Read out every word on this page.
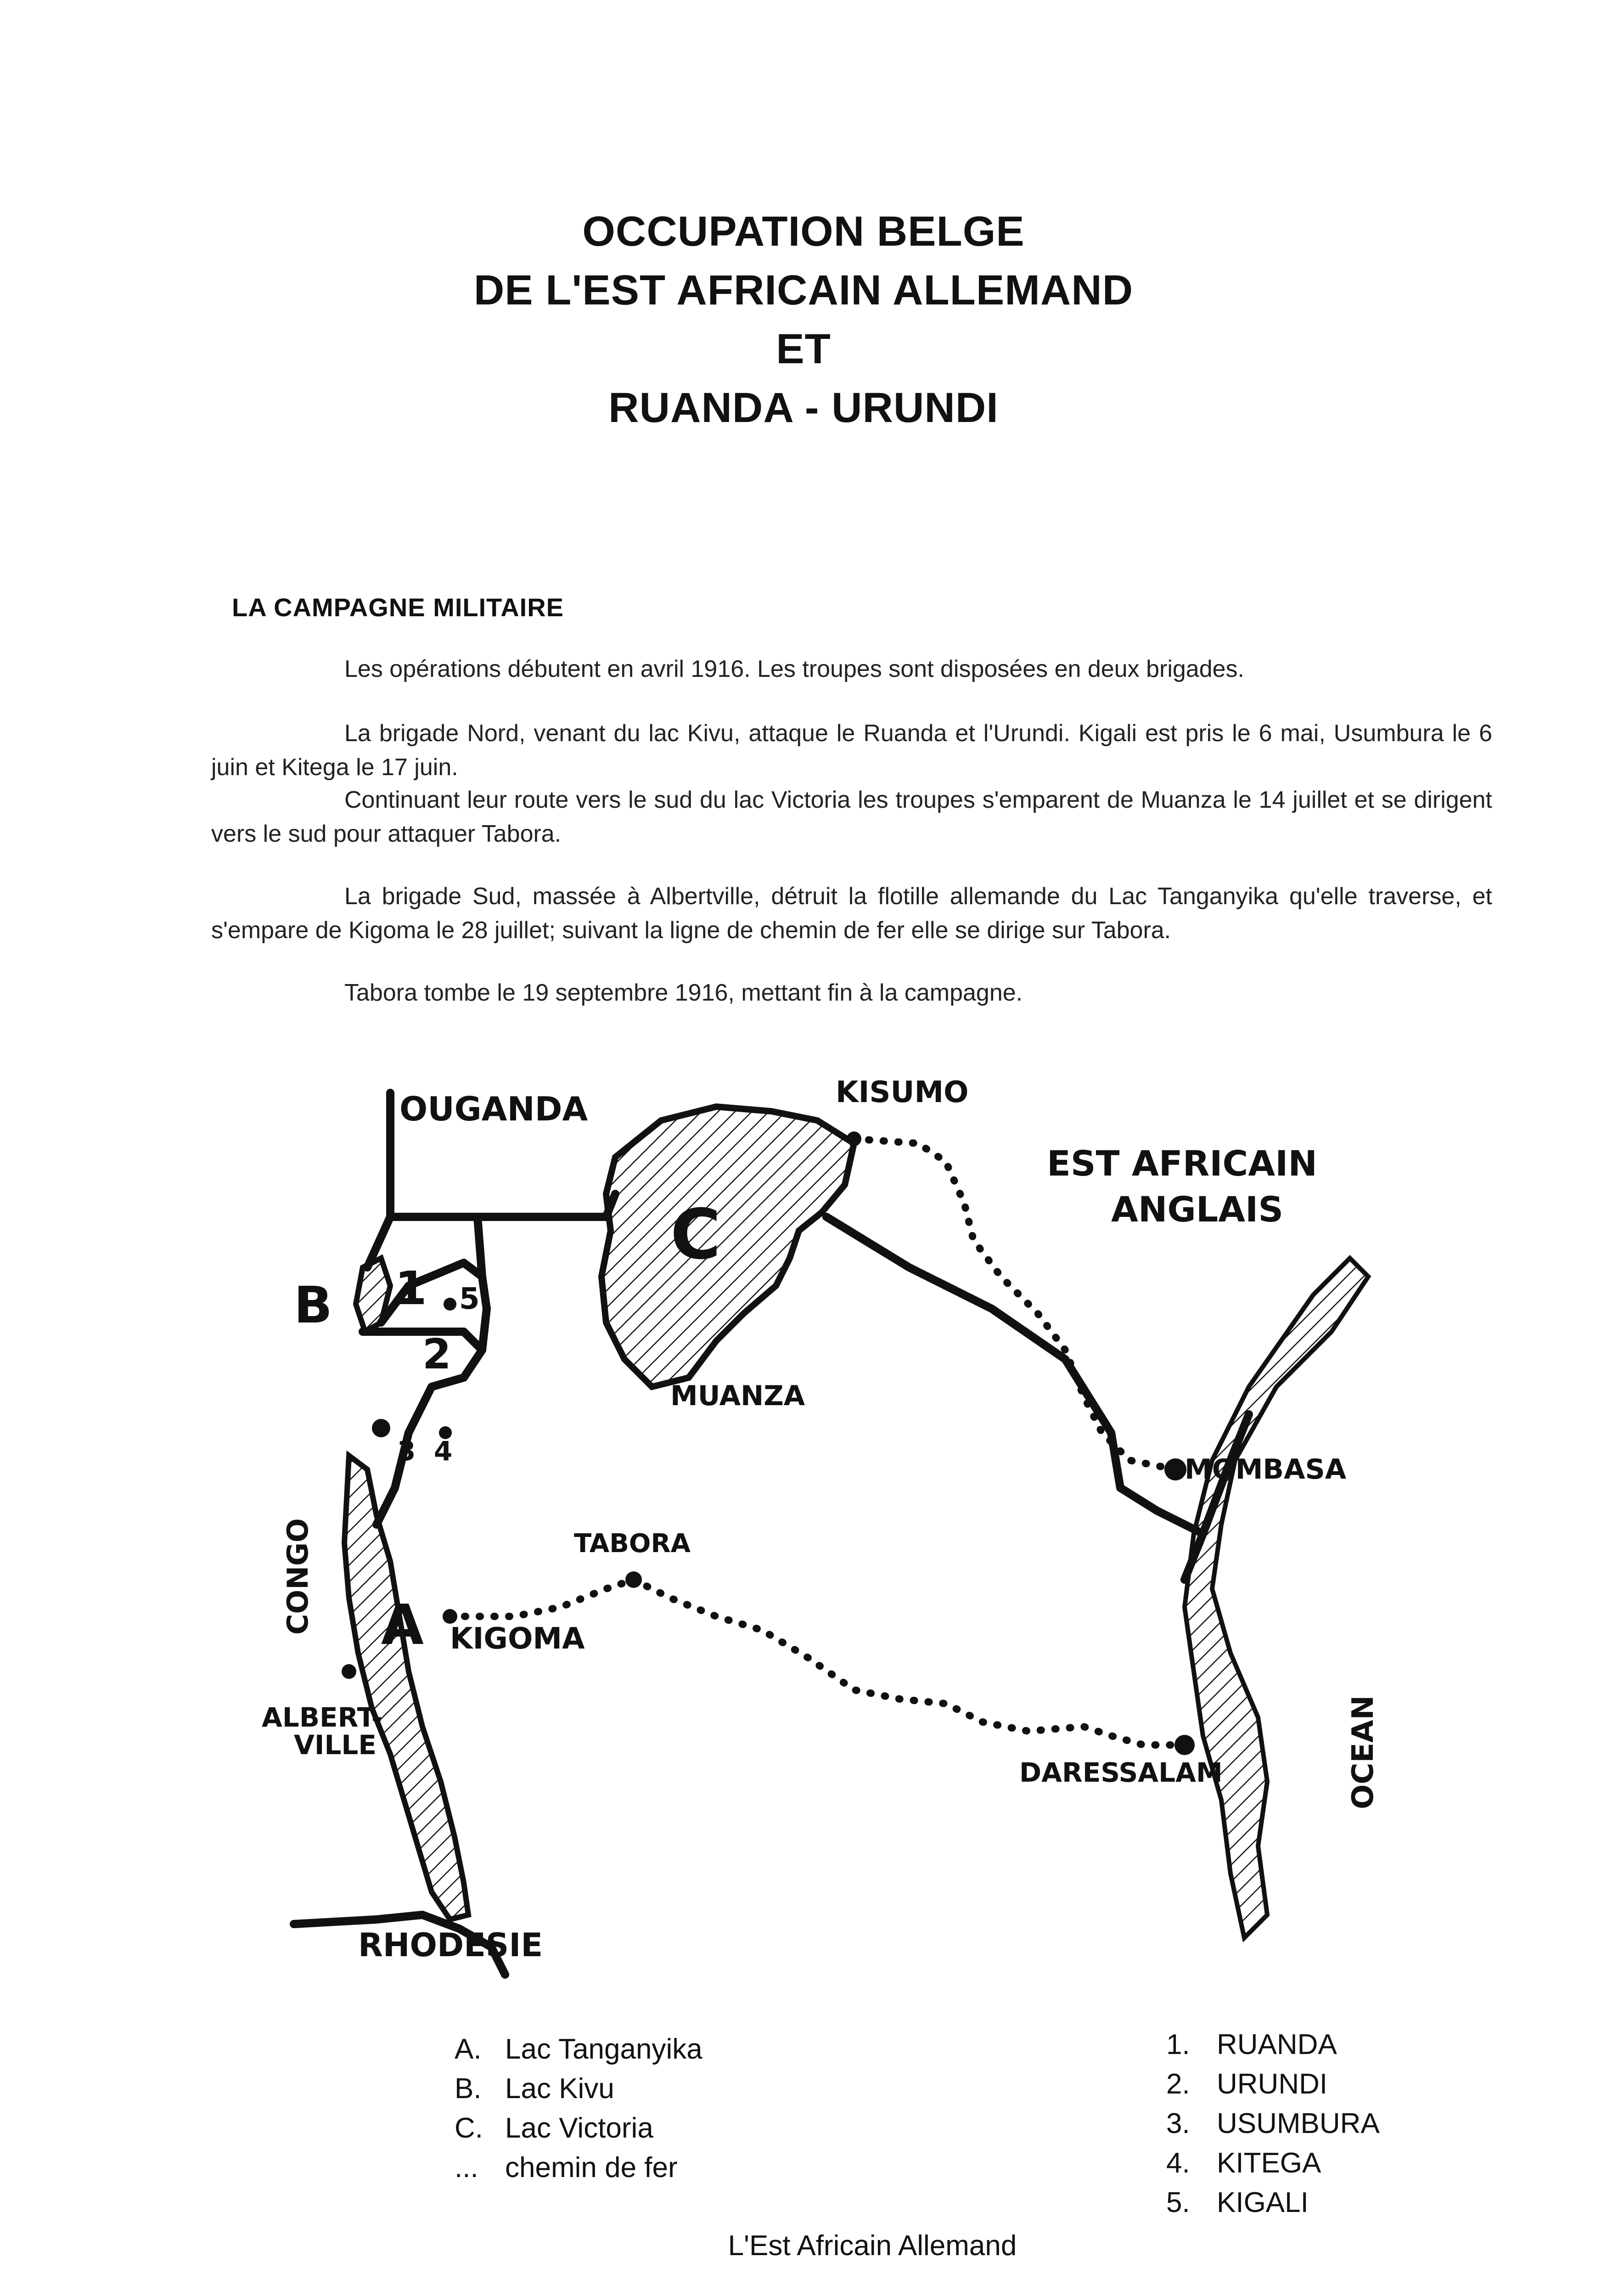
OCCUPATION BELGE
DE L'EST AFRICAIN ALLEMAND
ET
RUANDA - URUNDI
LA CAMPAGNE MILITAIRE

Les opérations débutent en avril 1916. Les troupes sont disposées en deux brigades.

La brigade Nord, venant du lac Kivu, attaque le Ruanda et l'Urundi. Kigali est pris le 6 mai, Usumbura le 6 juin et Kitega le 17 juin.

Continuant leur route vers le sud du lac Victoria les troupes s'emparent de Muanza le 14 juillet et se dirigent vers le sud pour attaquer Tabora.

La brigade Sud, massée à Albertville, détruit la flotille allemande du Lac Tanganyika qu'elle traverse, et s'empare de Kigoma le 28 juillet; suivant la ligne de chemin de fer elle se dirige sur Tabora.

Tabora tombe le 19 septembre 1916, mettant fin à la campagne.

OUGANDA	KISUMO
EST AFRICAIN
ANGLAIS
B 1 5
2
3 4
C
MUANZA
TABORA
MOMBASA
A KIGOMA
ALBERT-
VILLE
DARESSALAM
RHODESIE
CONGO
OCEAN
A. Lac Tanganyika
B. Lac Kivu
C. Lac Victoria
... chemin de fer
1. RUANDA
2. URUNDI
3. USUMBURA
4. KITEGA
5. KIGALI
L'Est Africain Allemand
